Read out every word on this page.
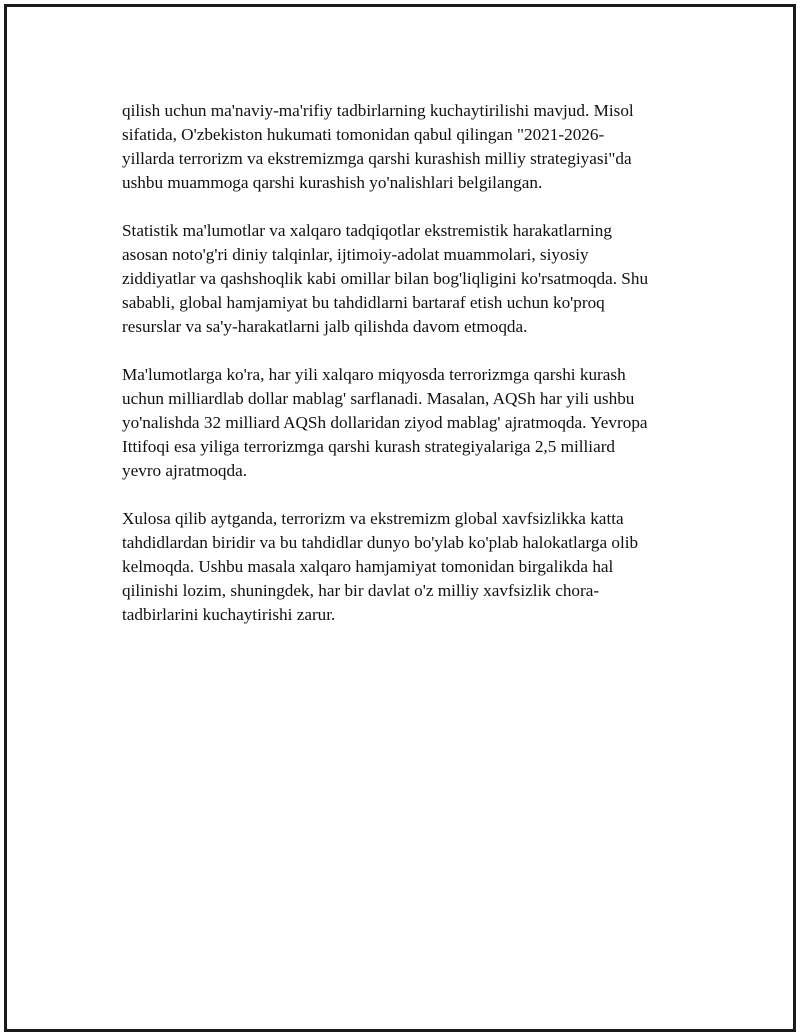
qilish uchun ma'naviy-ma'rifiy tadbirlarning kuchaytirilishi mavjud. Misol
sifatida, O'zbekiston hukumati tomonidan qabul qilingan "2021-2026-
yillarda terrorizm va ekstremizmga qarshi kurashish milliy strategiyasi"da
ushbu muammoga qarshi kurashish yo'nalishlari belgilangan.

Statistik ma'lumotlar va xalqaro tadqiqotlar ekstremistik harakatlarning
asosan noto'g'ri diniy talqinlar, ijtimoiy-adolat muammolari, siyosiy
ziddiyatlar va qashshoqlik kabi omillar bilan bog'liqligini ko'rsatmoqda. Shu
sababli, global hamjamiyat bu tahdidlarni bartaraf etish uchun ko'proq
resurslar va sa'y-harakatlarni jalb qilishda davom etmoqda.

Ma'lumotlarga ko'ra, har yili xalqaro miqyosda terrorizmga qarshi kurash
uchun milliardlab dollar mablag' sarflanadi. Masalan, AQSh har yili ushbu
yo'nalishda 32 milliard AQSh dollaridan ziyod mablag' ajratmoqda. Yevropa
Ittifoqi esa yiliga terrorizmga qarshi kurash strategiyalariga 2,5 milliard
yevro ajratmoqda.

Xulosa qilib aytganda, terrorizm va ekstremizm global xavfsizlikka katta
tahdidlardan biridir va bu tahdidlar dunyo bo'ylab ko'plab halokatlarga olib
kelmoqda. Ushbu masala xalqaro hamjamiyat tomonidan birgalikda hal
qilinishi lozim, shuningdek, har bir davlat o'z milliy xavfsizlik chora-
tadbirlarini kuchaytirishi zarur.
